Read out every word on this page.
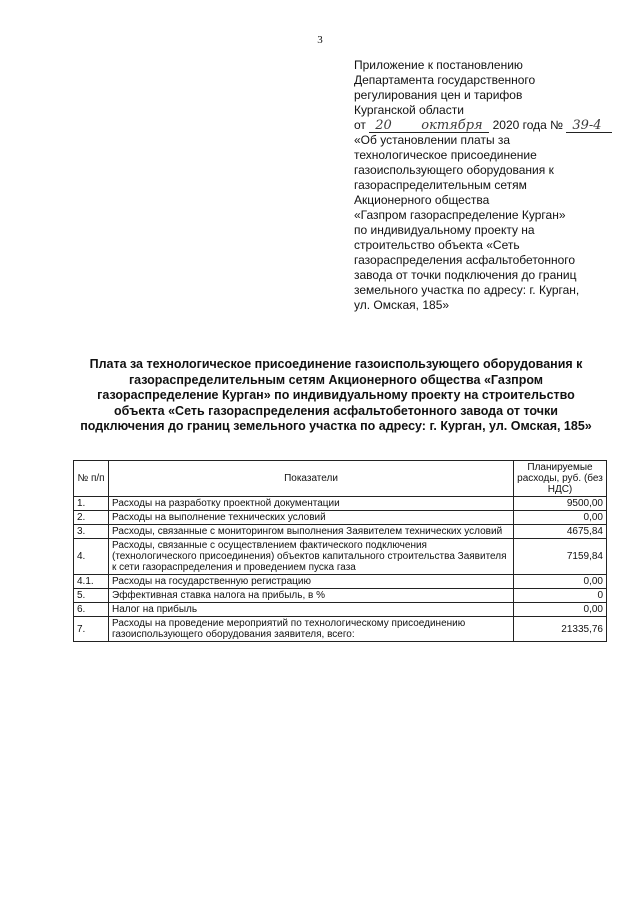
3
Приложение к постановлению
Департамента государственного
регулирования цен и тарифов
Курганской области
от 20 октября 2020 года № 39-4
«Об установлении платы за
технологическое присоединение
газоиспользующего оборудования к
газораспределительным сетям
Акционерного общества
«Газпром газораспределение Курган»
по индивидуальному проекту на
строительство объекта «Сеть
газораспределения асфальтобетонного
завода от точки подключения до границ
земельного участка по адресу: г. Курган,
ул. Омская, 185»
Плата за технологическое присоединение газоиспользующего оборудования к
газораспределительным сетям Акционерного общества «Газпром
газораспределение Курган» по индивидуальному проекту на строительство
объекта «Сеть газораспределения асфальтобетонного завода от точки
подключения до границ земельного участка по адресу: г. Курган, ул. Омская, 185»
№ п/п	Показатели	Планируемые расходы, руб. (без НДС)
1.	Расходы на разработку проектной документации	9500,00
2.	Расходы на выполнение технических условий	0,00
3.	Расходы, связанные с мониторингом выполнения Заявителем технических условий	4675,84
4.	Расходы, связанные с осуществлением фактического подключения (технологического присоединения) объектов капитального строительства Заявителя к сети газораспределения и проведением пуска газа	7159,84
4.1.	Расходы на государственную регистрацию	0,00
5.	Эффективная ставка налога на прибыль, в %	0
6.	Налог на прибыль	0,00
7.	Расходы на проведение мероприятий по технологическому присоединению газоиспользующего оборудования заявителя, всего:	21335,76
